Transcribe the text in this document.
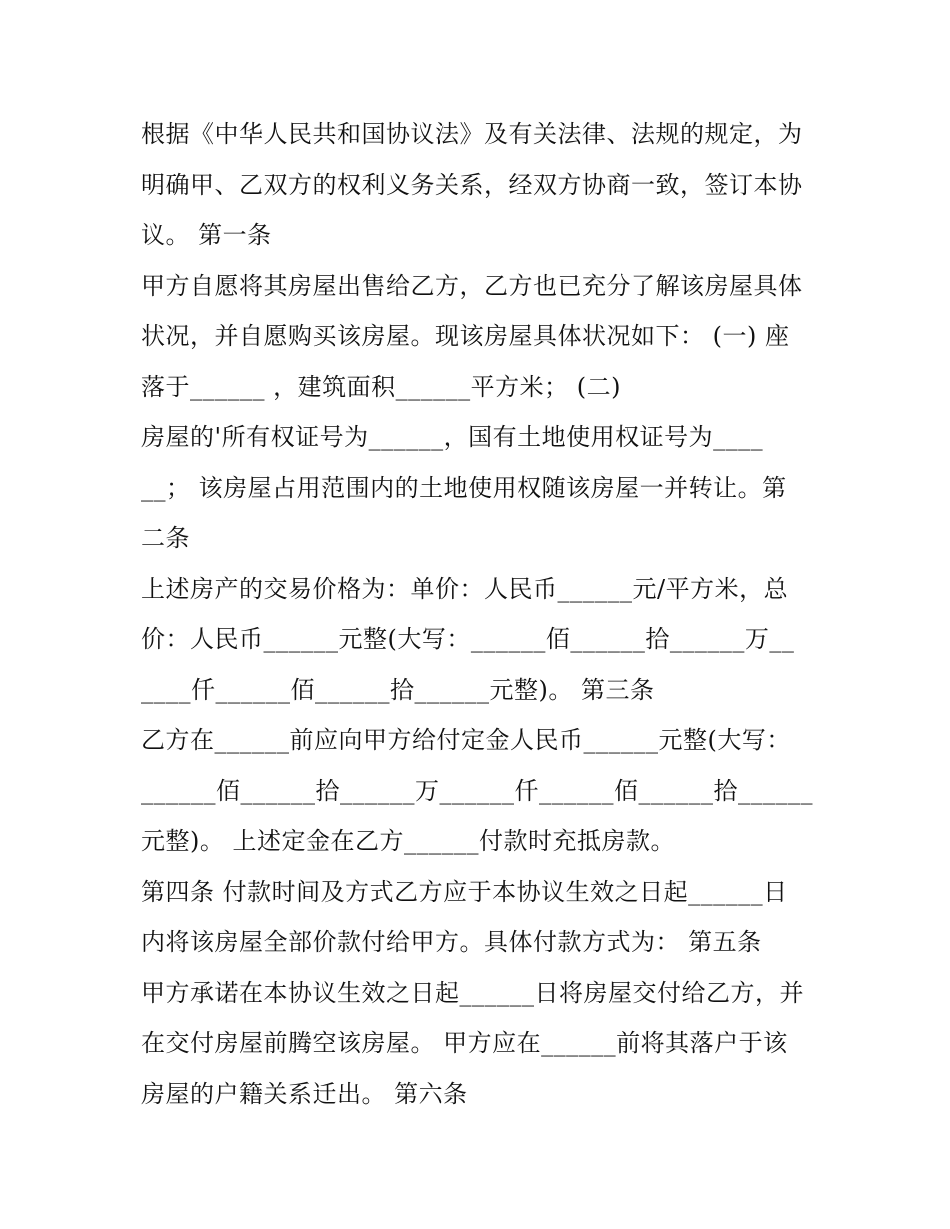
根据《中华人民共和国协议法》及有关法律、法规的规定，为
明确甲、乙双方的权利义务关系，经双方协商一致，签订本协
议。 第一条
甲方自愿将其房屋出售给乙方，乙方也已充分了解该房屋具体
状况，并自愿购买该房屋。现该房屋具体状况如下： (一) 座
落于______ ，建筑面积______平方米； (二)
房屋的'所有权证号为______，国有土地使用权证号为____
__； 该房屋占用范围内的土地使用权随该房屋一并转让。第
二条
上述房产的交易价格为：单价：人民币______元/平方米，总
价：人民币______元整(大写：______佰______拾______万__
____仟______佰______拾______元整)。 第三条
乙方在______前应向甲方给付定金人民币______元整(大写：
______佰______拾______万______仟______佰______拾______
元整)。 上述定金在乙方______付款时充抵房款。
第四条 付款时间及方式乙方应于本协议生效之日起______日
内将该房屋全部价款付给甲方。具体付款方式为： 第五条
甲方承诺在本协议生效之日起______日将房屋交付给乙方，并
在交付房屋前腾空该房屋。 甲方应在______前将其落户于该
房屋的户籍关系迁出。 第六条
